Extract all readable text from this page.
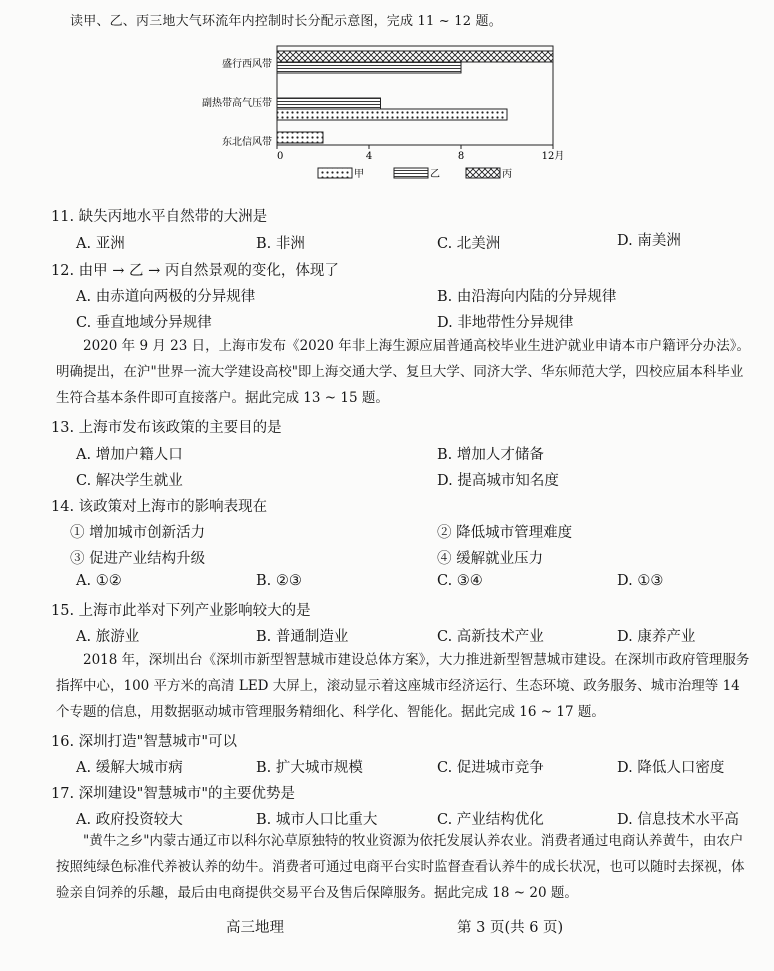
读甲、乙、丙三地大气环流年内控制时长分配示意图，完成 11 ~ 12 题。
盛行西风带
副热带高气压带
东北信风带
0	4	8	12月
甲	乙	丙
11. 缺失丙地水平自然带的大洲是
A. 亚洲	B. 非洲	C. 北美洲	D. 南美洲
12. 由甲 → 乙 → 丙自然景观的变化，体现了
A. 由赤道向两极的分异规律	B. 由沿海向内陆的分异规律
C. 垂直地域分异规律	D. 非地带性分异规律
2020 年 9 月 23 日，上海市发布《2020 年非上海生源应届普通高校毕业生进沪就业申请本市户籍评分办法》。明确提出，在沪"世界一流大学建设高校"即上海交通大学、复旦大学、同济大学、华东师范大学，四校应届本科毕业生符合基本条件即可直接落户。据此完成 13 ~ 15 题。
13. 上海市发布该政策的主要目的是
A. 增加户籍人口	B. 增加人才储备
C. 解决学生就业	D. 提高城市知名度
14. 该政策对上海市的影响表现在
① 增加城市创新活力	② 降低城市管理难度
③ 促进产业结构升级	④ 缓解就业压力
A. ①②	B. ②③	C. ③④	D. ①③
15. 上海市此举对下列产业影响较大的是
A. 旅游业	B. 普通制造业	C. 高新技术产业	D. 康养产业
2018 年，深圳出台《深圳市新型智慧城市建设总体方案》，大力推进新型智慧城市建设。在深圳市政府管理服务指挥中心，100 平方米的高清 LED 大屏上，滚动显示着这座城市经济运行、生态环境、政务服务、城市治理等 14 个专题的信息，用数据驱动城市管理服务精细化、科学化、智能化。据此完成 16 ~ 17 题。
16. 深圳打造"智慧城市"可以
A. 缓解大城市病	B. 扩大城市规模	C. 促进城市竞争	D. 降低人口密度
17. 深圳建设"智慧城市"的主要优势是
A. 政府投资较大	B. 城市人口比重大	C. 产业结构优化	D. 信息技术水平高
"黄牛之乡"内蒙古通辽市以科尔沁草原独特的牧业资源为依托发展认养农业。消费者通过电商认养黄牛，由农户按照纯绿色标准代养被认养的幼牛。消费者可通过电商平台实时监督查看认养牛的成长状况，也可以随时去探视，体验亲自饲养的乐趣，最后由电商提供交易平台及售后保障服务。据此完成 18 ~ 20 题。
高三地理	第 3 页(共 6 页)
